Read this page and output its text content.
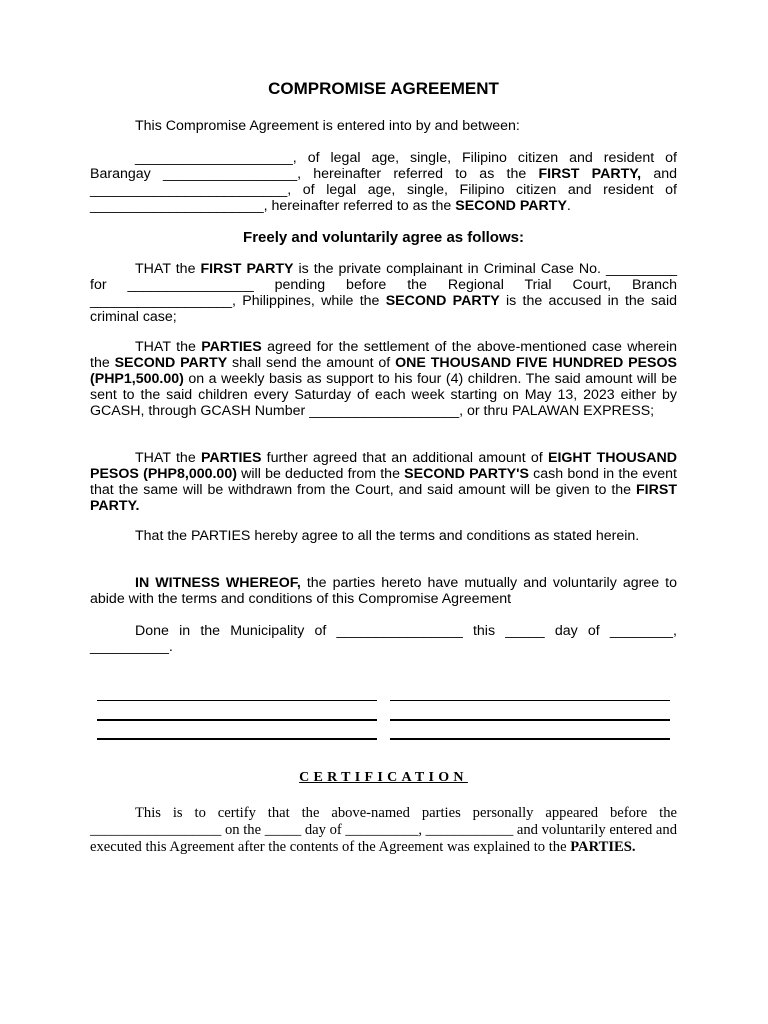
COMPROMISE AGREEMENT
This Compromise Agreement is entered into by and between:
____________________, of legal age, single, Filipino citizen and resident of
Barangay _________________, hereinafter referred to as the FIRST PARTY, and
_________________________, of legal age, single, Filipino citizen and resident of
______________________, hereinafter referred to as the SECOND PARTY.
Freely and voluntarily agree as follows:
THAT the FIRST PARTY is the private complainant in Criminal Case No. _________ for ________________ pending before the Regional Trial Court, Branch __________________, Philippines, while the SECOND PARTY is the accused in the said criminal case;
THAT the PARTIES agreed for the settlement of the above-mentioned case wherein the SECOND PARTY shall send the amount of ONE THOUSAND FIVE HUNDRED PESOS (PHP1,500.00) on a weekly basis as support to his four (4) children. The said amount will be sent to the said children every Saturday of each week starting on May 13, 2023 either by GCASH, through GCASH Number ___________________, or thru PALAWAN EXPRESS;
THAT the PARTIES further agreed that an additional amount of EIGHT THOUSAND PESOS (PHP8,000.00) will be deducted from the SECOND PARTY'S cash bond in the event that the same will be withdrawn from the Court, and said amount will be given to the FIRST PARTY.
That the PARTIES hereby agree to all the terms and conditions as stated herein.
IN WITNESS WHEREOF, the parties hereto have mutually and voluntarily agree to abide with the terms and conditions of this Compromise Agreement
Done in the Municipality of ________________ this _____ day of ________, __________.
CERTIFICATION
This is to certify that the above-named parties personally appeared before the __________________ on the _____ day of __________, ____________ and voluntarily entered and executed this Agreement after the contents of the Agreement was explained to the PARTIES.
